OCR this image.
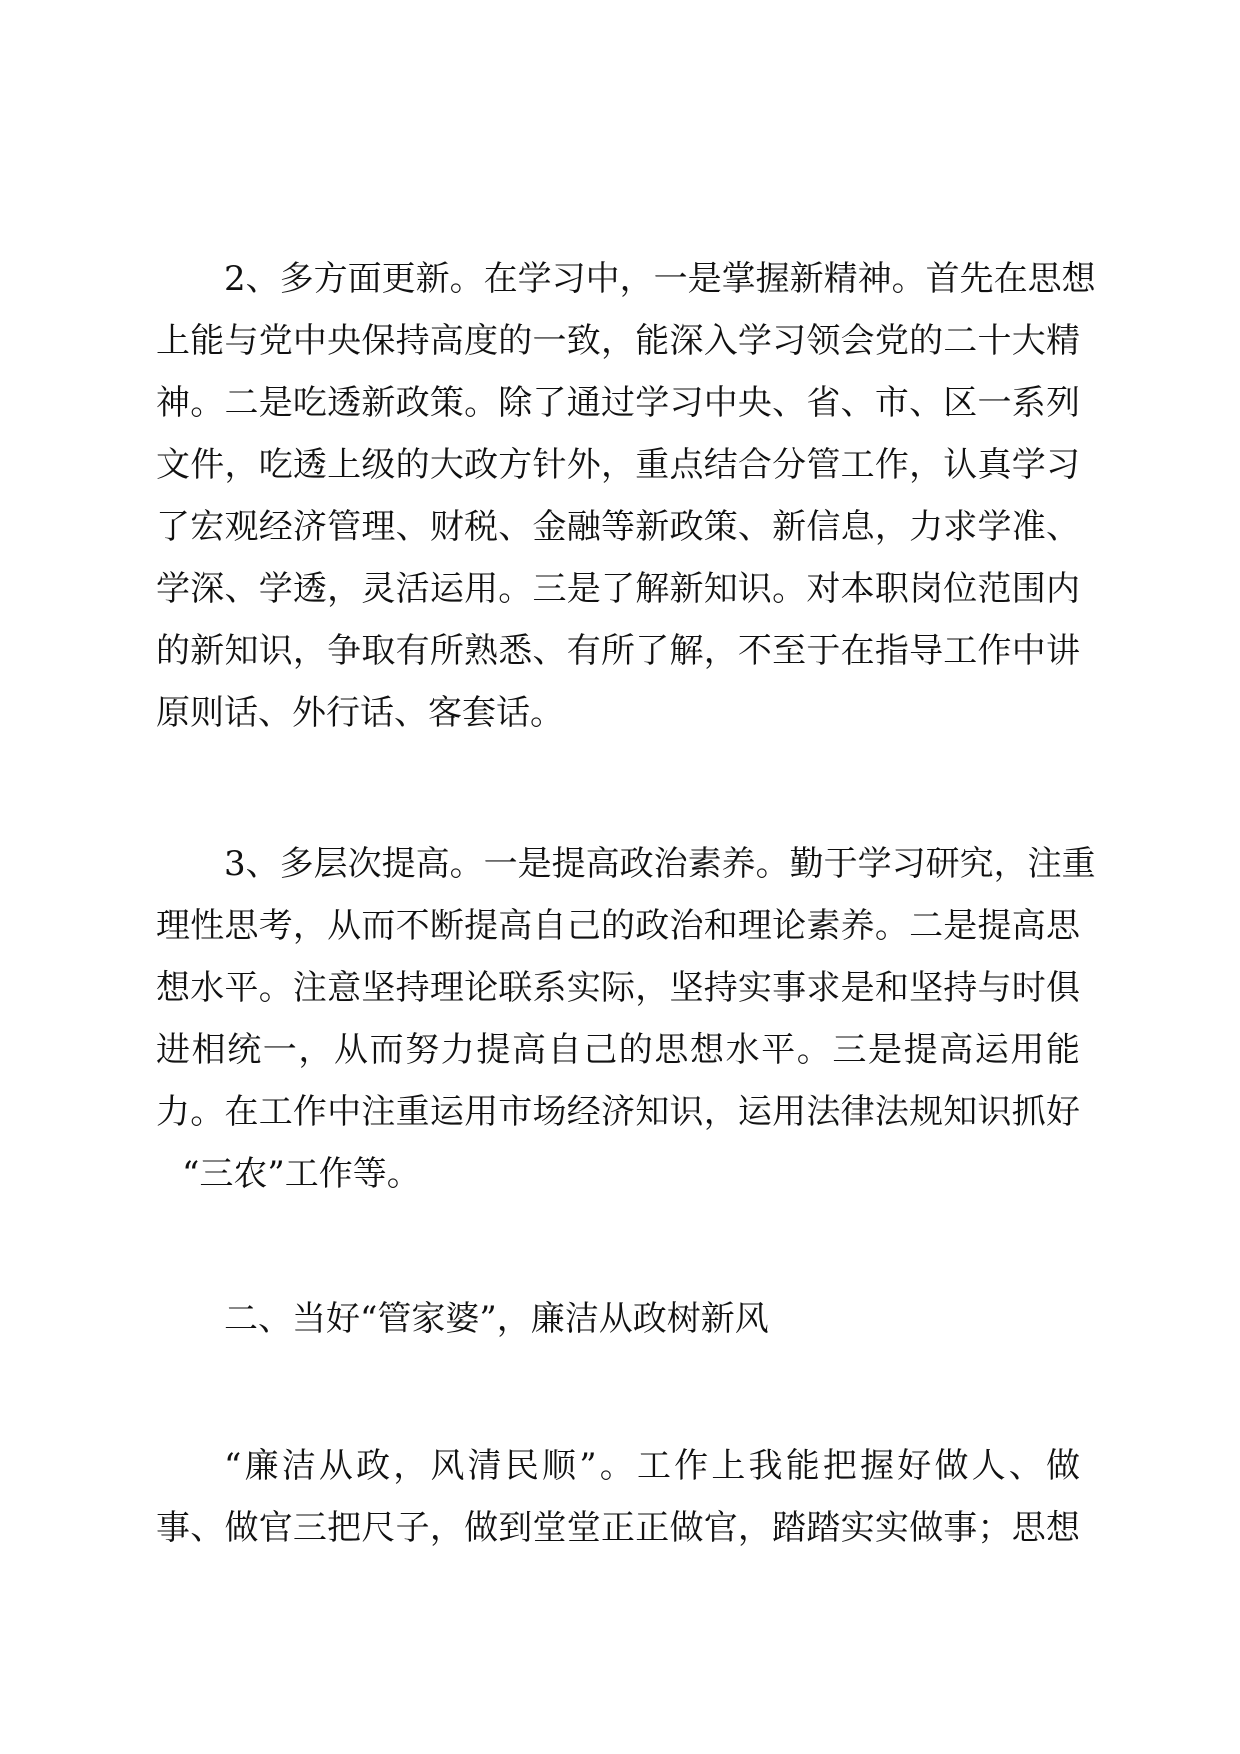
2、多方面更新。在学习中，一是掌握新精神。首先在思想
上能与党中央保持高度的一致，能深入学习领会党的二十大精
神。二是吃透新政策。除了通过学习中央、省、市、区一系列
文件，吃透上级的大政方针外，重点结合分管工作，认真学习
了宏观经济管理、财税、金融等新政策、新信息，力求学准、
学深、学透，灵活运用。三是了解新知识。对本职岗位范围内
的新知识，争取有所熟悉、有所了解，不至于在指导工作中讲
原则话、外行话、客套话。
3、多层次提高。一是提高政治素养。勤于学习研究，注重
理性思考，从而不断提高自己的政治和理论素养。二是提高思
想水平。注意坚持理论联系实际，坚持实事求是和坚持与时俱
进相统一，从而努力提高自己的思想水平。三是提高运用能
力。在工作中注重运用市场经济知识，运用法律法规知识抓好
“三农”工作等。
二、当好“管家婆”，廉洁从政树新风
“廉洁从政，风清民顺”。工作上我能把握好做人、做
事、做官三把尺子，做到堂堂正正做官，踏踏实实做事；思想
